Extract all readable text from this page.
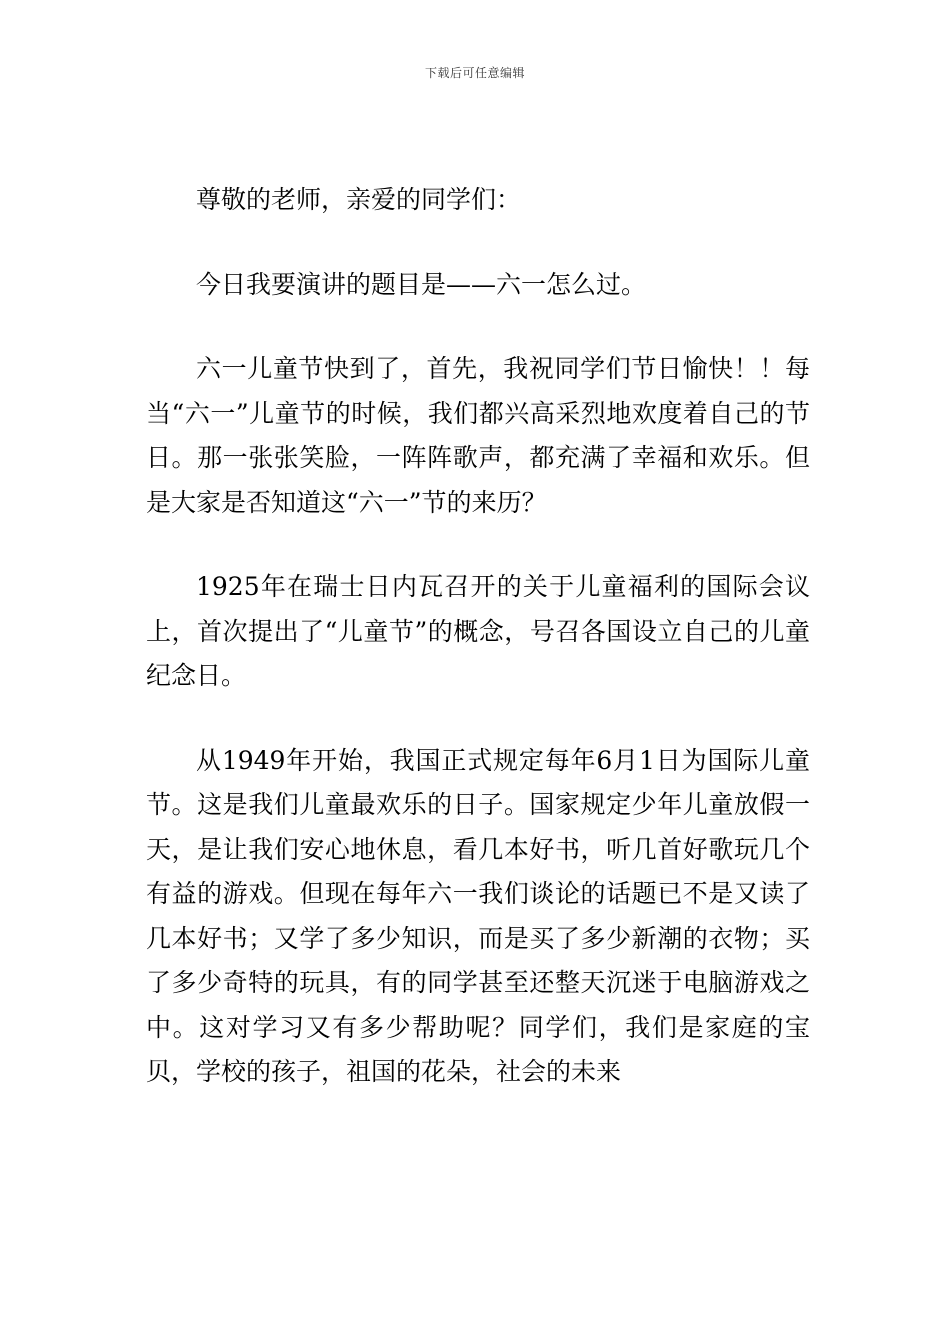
下载后可任意编辑

尊敬的老师，亲爱的同学们：

今日我要演讲的题目是——六一怎么过。

六一儿童节快到了，首先，我祝同学们节日愉快！！每当“六一”儿童节的时候，我们都兴高采烈地欢度着自己的节日。那一张张笑脸，一阵阵歌声，都充满了幸福和欢乐。但是大家是否知道这“六一”节的来历？

1925年在瑞士日内瓦召开的关于儿童福利的国际会议上，首次提出了“儿童节”的概念，号召各国设立自己的儿童纪念日。

从1949年开始，我国正式规定每年6月1日为国际儿童节。这是我们儿童最欢乐的日子。国家规定少年儿童放假一天，是让我们安心地休息，看几本好书，听几首好歌玩几个有益的游戏。但现在每年六一我们谈论的话题已不是又读了几本好书；又学了多少知识，而是买了多少新潮的衣物；买了多少奇特的玩具，有的同学甚至还整天沉迷于电脑游戏之中。这对学习又有多少帮助呢？同学们，我们是家庭的宝贝，学校的孩子，祖国的花朵，社会的未来
